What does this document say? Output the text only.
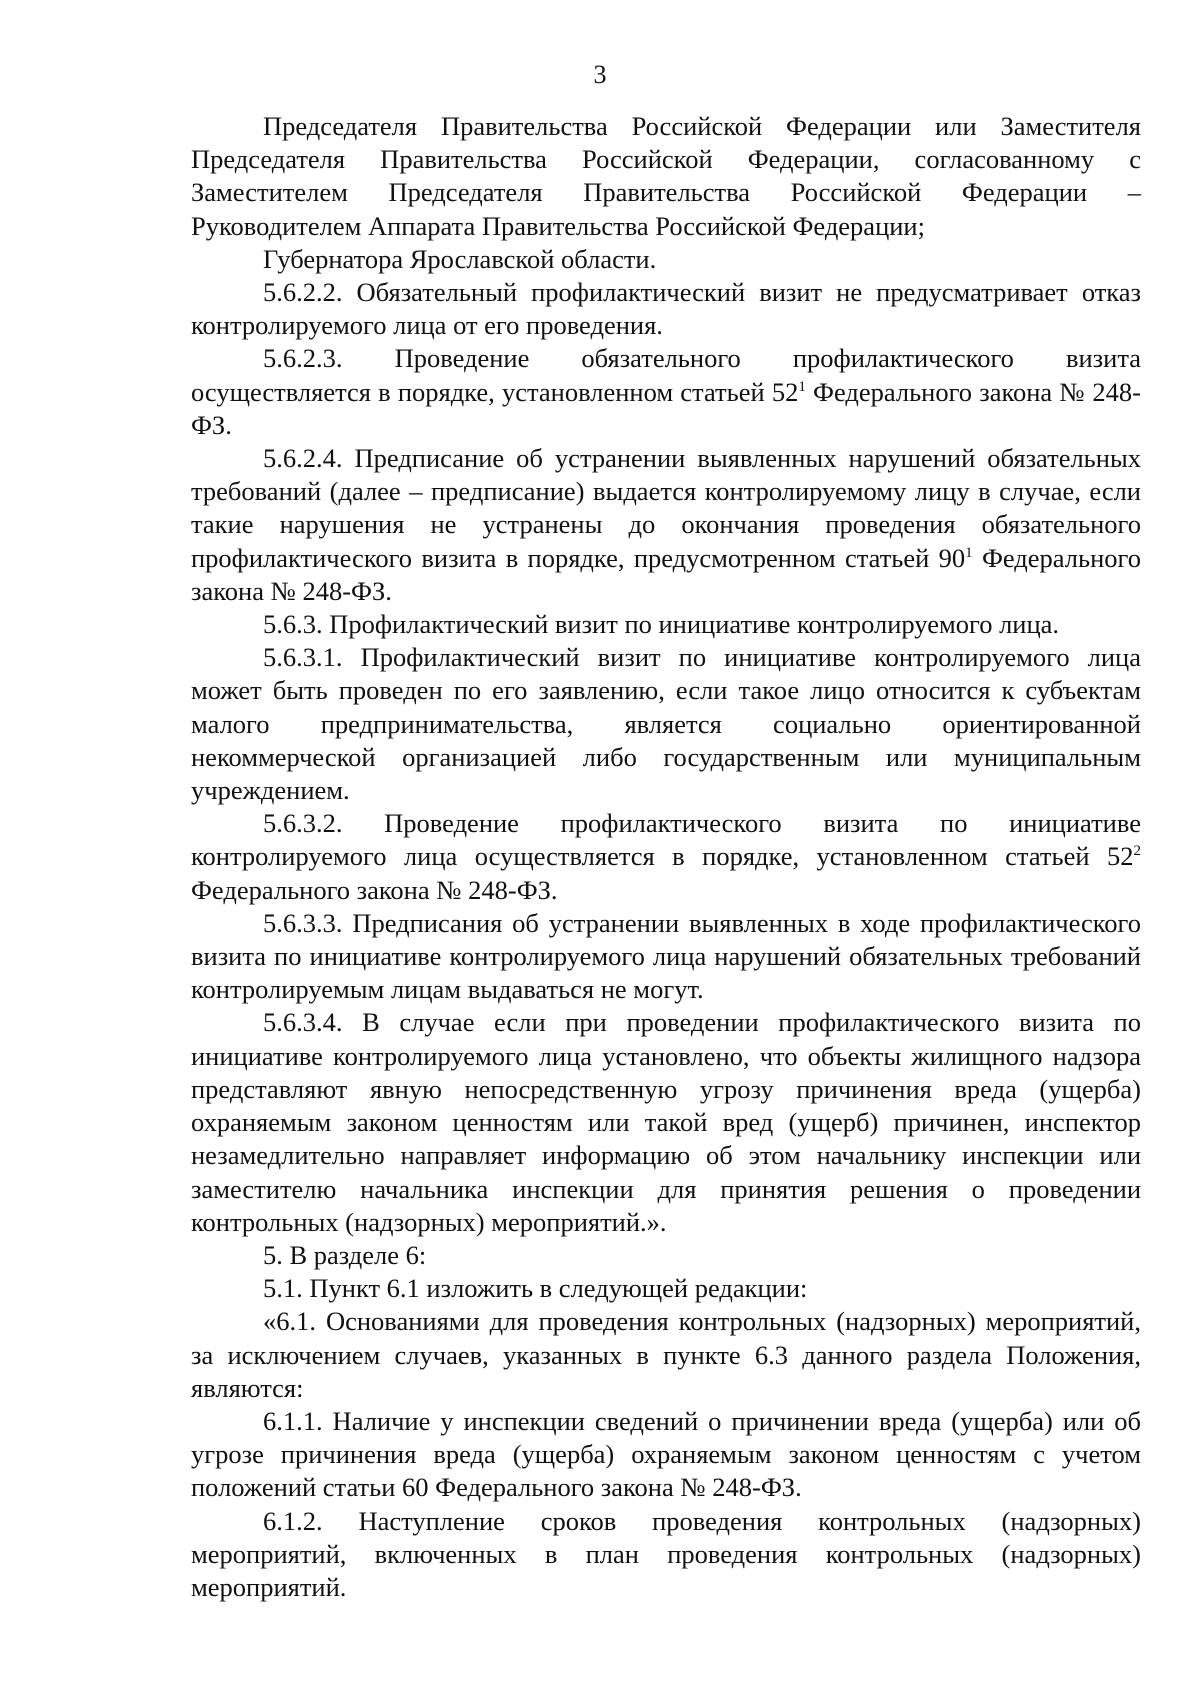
3

Председателя Правительства Российской Федерации или Заместителя Председателя Правительства Российской Федерации, согласованному с Заместителем Председателя Правительства Российской Федерации – Руководителем Аппарата Правительства Российской Федерации;

Губернатора Ярославской области.

5.6.2.2. Обязательный профилактический визит не предусматривает отказ контролируемого лица от его проведения.

5.6.2.3. Проведение обязательного профилактического визита осуществляется в порядке, установленном статьей $52^1$ Федерального закона № 248-ФЗ.

5.6.2.4. Предписание об устранении выявленных нарушений обязательных требований (далее – предписание) выдается контролируемому лицу в случае, если такие нарушения не устранены до окончания проведения обязательного профилактического визита в порядке, предусмотренном статьей $90^1$ Федерального закона № 248-ФЗ.

5.6.3. Профилактический визит по инициативе контролируемого лица.

5.6.3.1. Профилактический визит по инициативе контролируемого лица может быть проведен по его заявлению, если такое лицо относится к субъектам малого предпринимательства, является социально ориентированной некоммерческой организацией либо государственным или муниципальным учреждением.

5.6.3.2. Проведение профилактического визита по инициативе контролируемого лица осуществляется в порядке, установленном статьей $52^2$ Федерального закона № 248-ФЗ.

5.6.3.3. Предписания об устранении выявленных в ходе профилактического визита по инициативе контролируемого лица нарушений обязательных требований контролируемым лицам выдаваться не могут.

5.6.3.4. В случае если при проведении профилактического визита по инициативе контролируемого лица установлено, что объекты жилищного надзора представляют явную непосредственную угрозу причинения вреда (ущерба) охраняемым законом ценностям или такой вред (ущерб) причинен, инспектор незамедлительно направляет информацию об этом начальнику инспекции или заместителю начальника инспекции для принятия решения о проведении контрольных (надзорных) мероприятий.».

5. В разделе 6:

5.1. Пункт 6.1 изложить в следующей редакции:

«6.1. Основаниями для проведения контрольных (надзорных) мероприятий, за исключением случаев, указанных в пункте 6.3 данного раздела Положения, являются:

6.1.1. Наличие у инспекции сведений о причинении вреда (ущерба) или об угрозе причинения вреда (ущерба) охраняемым законом ценностям с учетом положений статьи 60 Федерального закона № 248-ФЗ.

6.1.2. Наступление сроков проведения контрольных (надзорных) мероприятий, включенных в план проведения контрольных (надзорных) мероприятий.
